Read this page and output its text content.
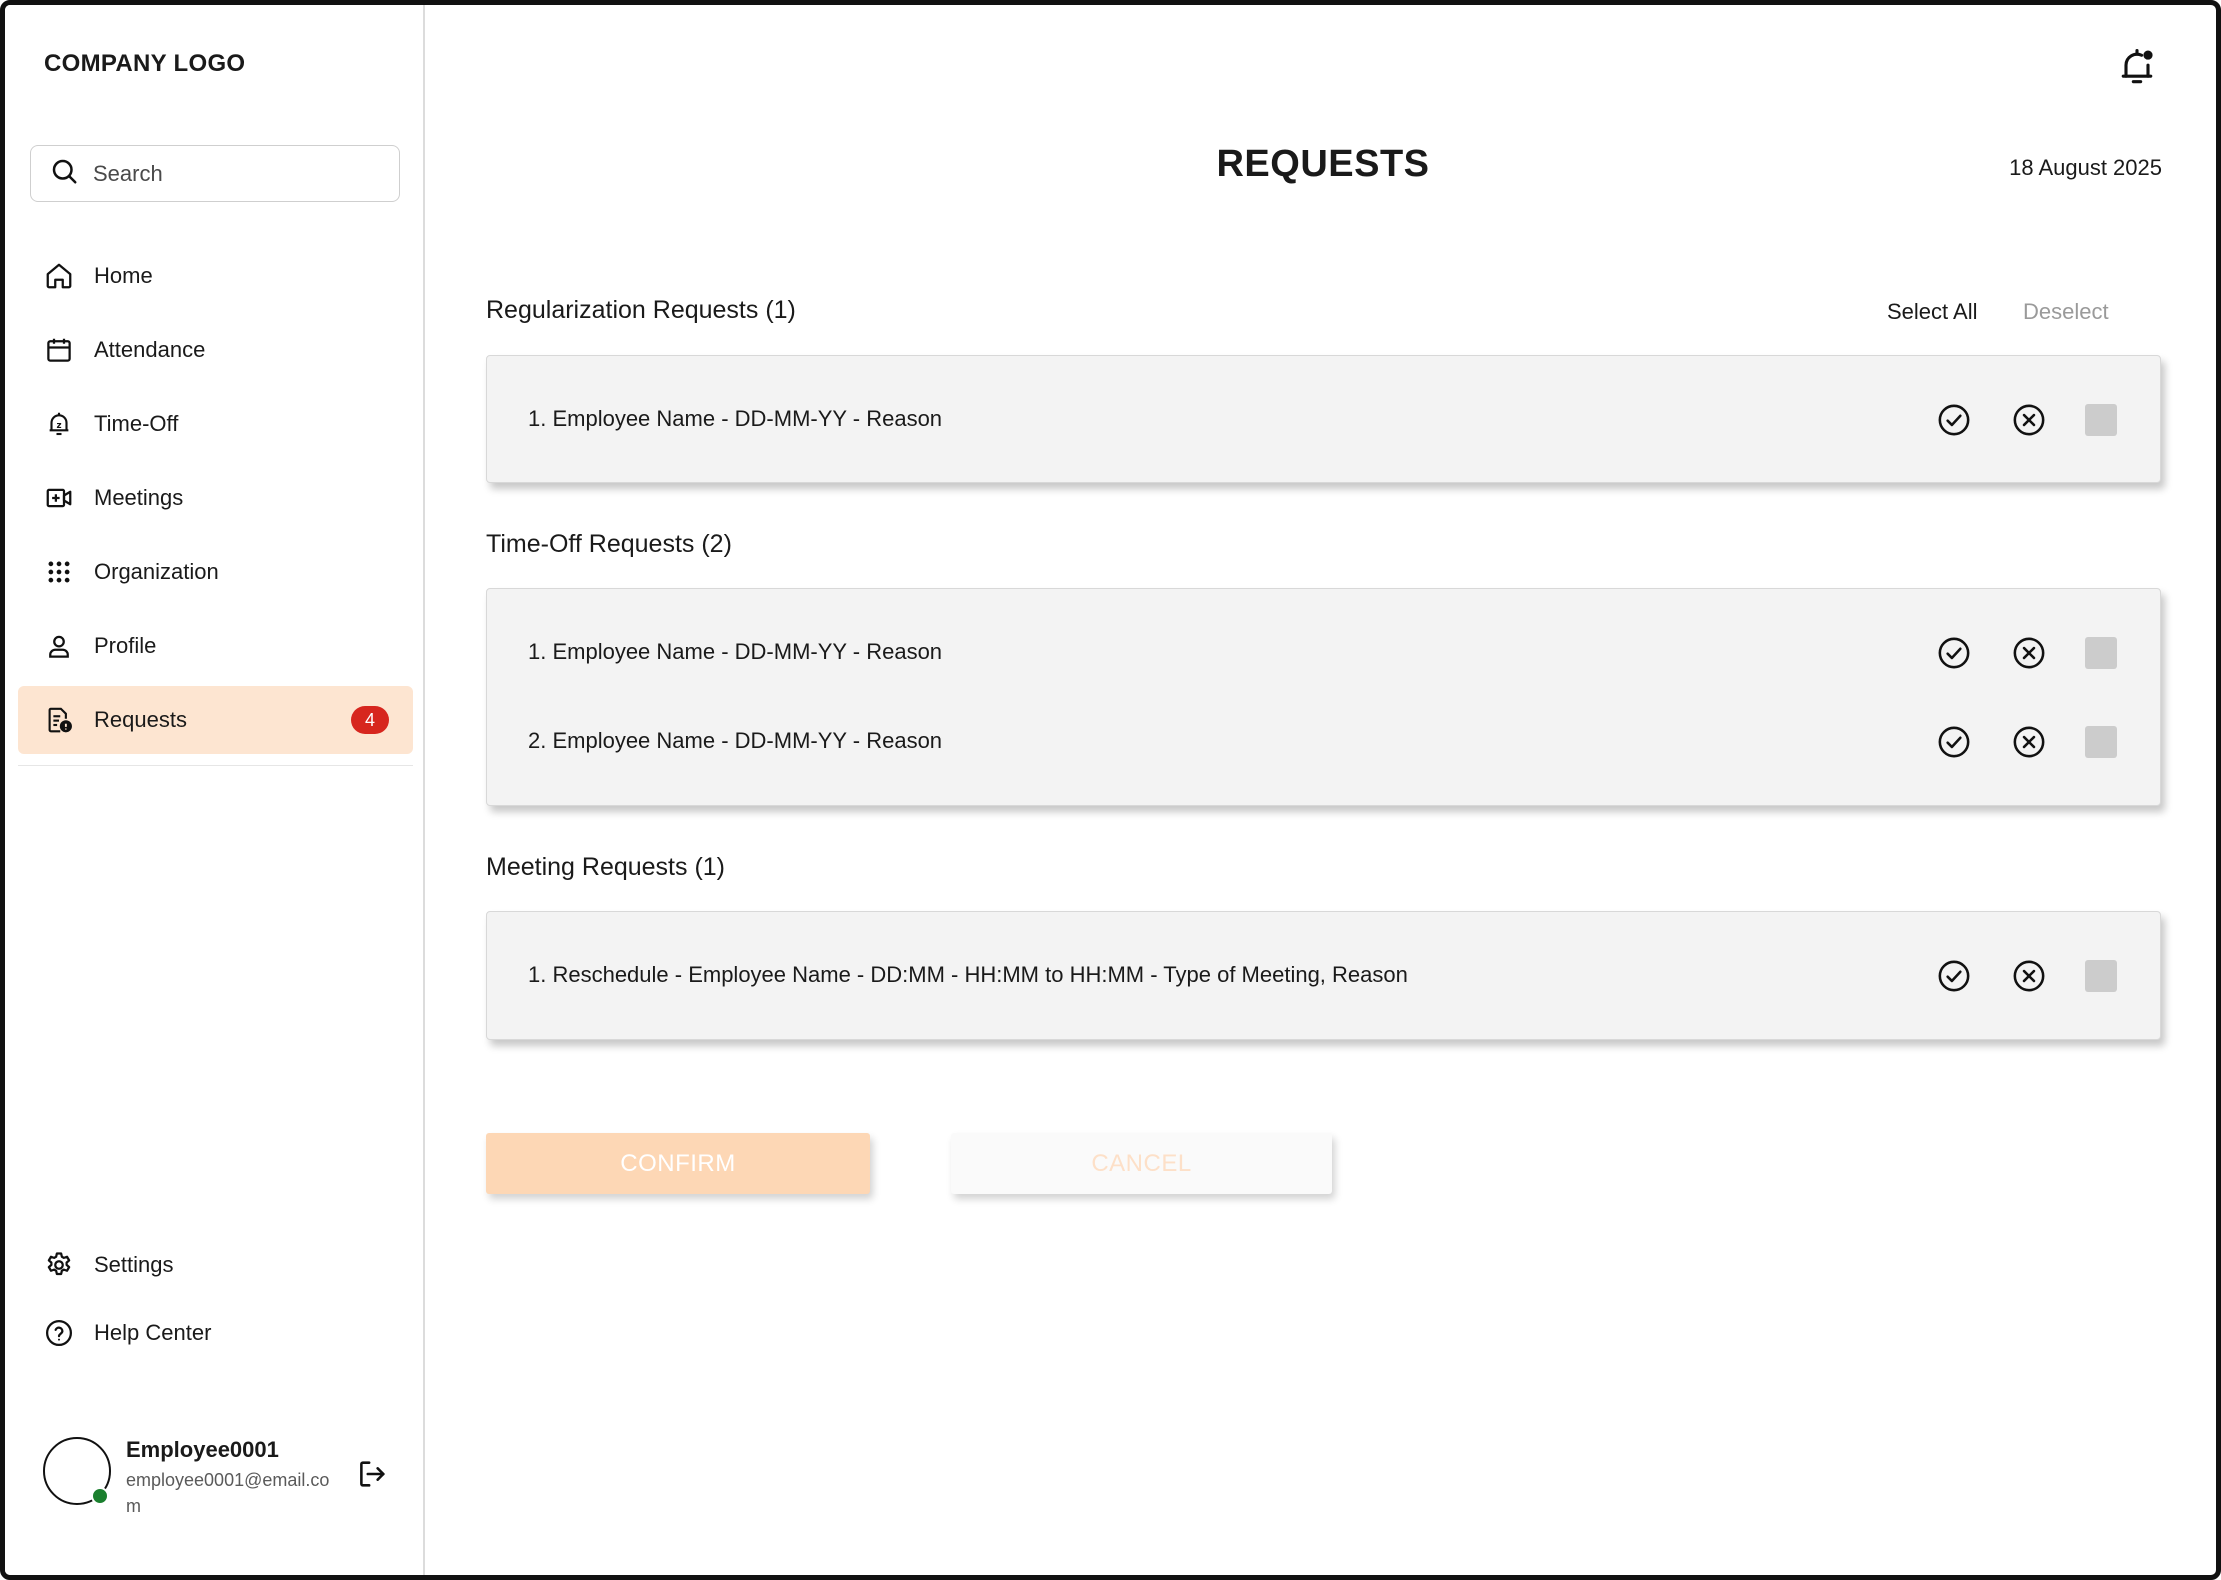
COMPANY LOGO
Search
Home
Attendance
z Time-Off
Meetings
Organization
Profile
Requests	4
Settings
Help Center
Employee0001
employee0001@email.com
REQUESTS	18 August 2025
Regularization Requests (1)	Select All Deselect
1. Employee Name - DD-MM-YY - Reason
Time-Off Requests (2)
1. Employee Name - DD-MM-YY - Reason
2. Employee Name - DD-MM-YY - Reason
Meeting Requests (1)
1. Reschedule - Employee Name - DD:MM - HH:MM to HH:MM - Type of Meeting, Reason
CONFIRM	CANCEL
